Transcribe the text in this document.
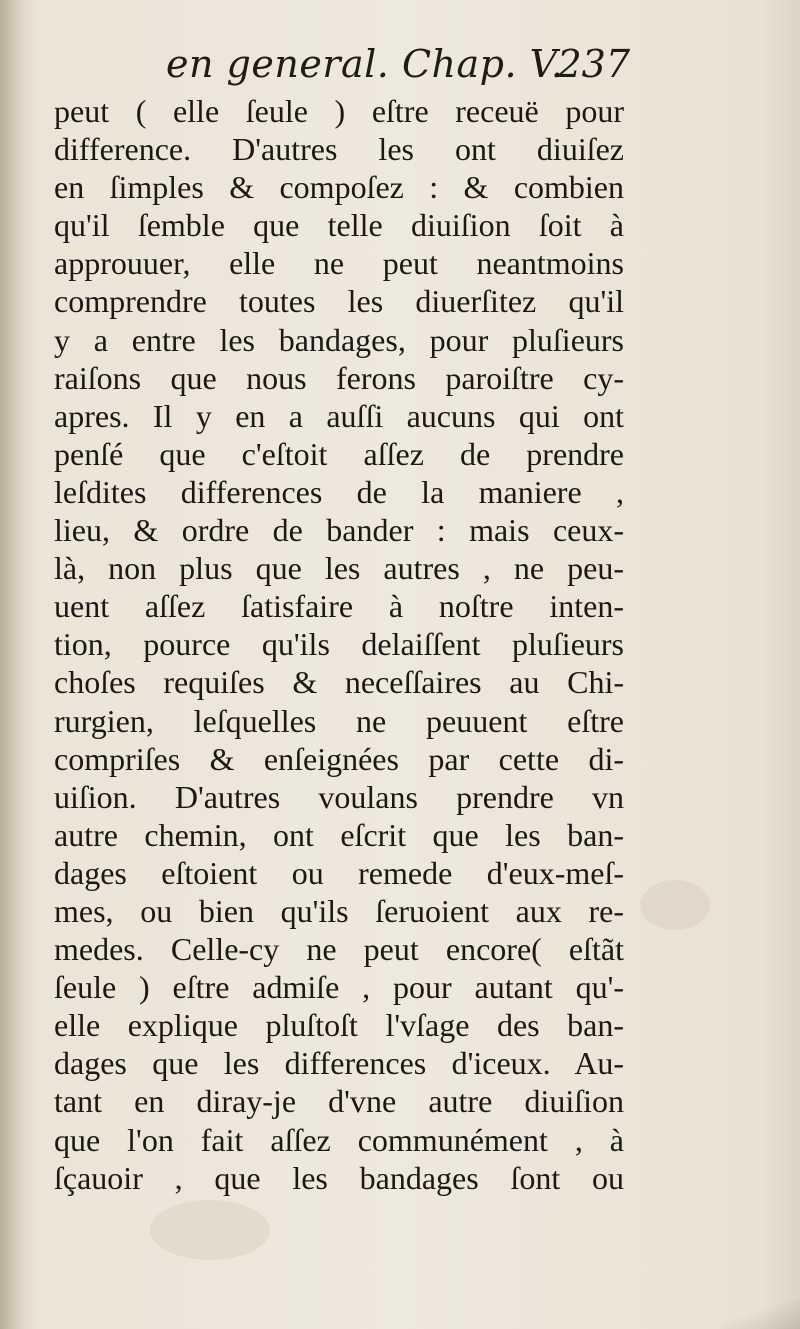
en general. Chap. V.
237
peut ( elle ſeule ) eſtre receuë pour
difference. D'autres les ont diuiſez
en ſimples & compoſez : & combien
qu'il ſemble que telle diuiſion ſoit à
approuuer, elle ne peut neantmoins
comprendre toutes les diuerſitez qu'il
y a entre les bandages, pour pluſieurs
raiſons que nous ferons paroiſtre cy-
apres. Il y en a auſſi aucuns qui ont
penſé que c'eſtoit aſſez de prendre
leſdites differences de la maniere ,
lieu, & ordre de bander : mais ceux-
là, non plus que les autres , ne peu-
uent aſſez ſatisfaire à noſtre inten-
tion, pource qu'ils delaiſſent pluſieurs
choſes requiſes & neceſſaires au Chi-
rurgien, leſquelles ne peuuent eſtre
compriſes & enſeignées par cette di-
uiſion. D'autres voulans prendre vn
autre chemin, ont eſcrit que les ban-
dages eſtoient ou remede d'eux-meſ-
mes, ou bien qu'ils ſeruoient aux re-
medes. Celle-cy ne peut encore( eſtãt
ſeule ) eſtre admiſe , pour autant qu'-
elle explique pluſtoſt l'vſage des ban-
dages que les differences d'iceux. Au-
tant en diray-je d'vne autre diuiſion
que l'on fait aſſez communément , à
ſçauoir , que les bandages ſont ou
